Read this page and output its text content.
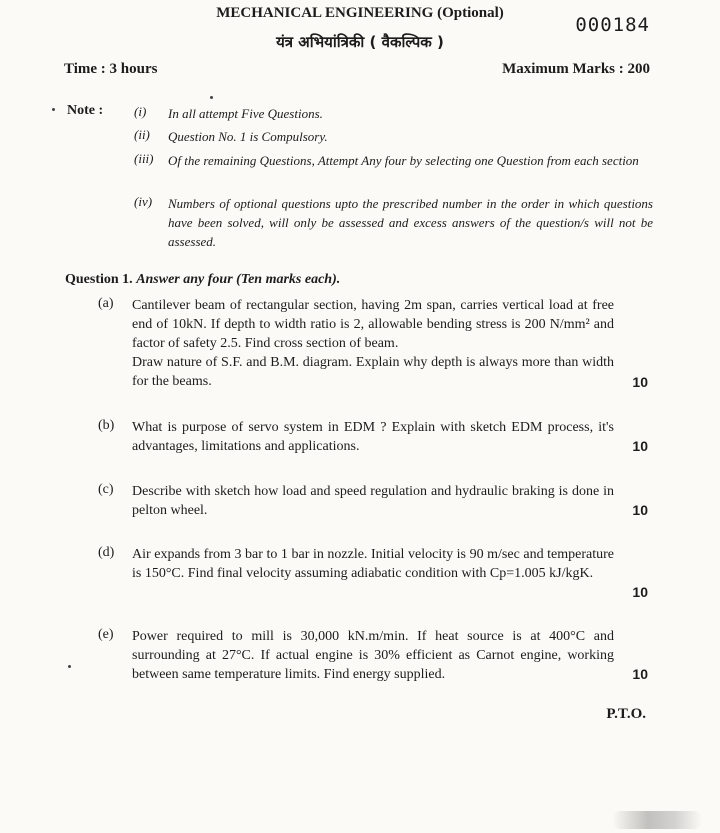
MECHANICAL ENGINEERING (Optional)
यंत्र अभियांत्रिकी ( वैकल्पिक )
000184
Time : 3 hours	Maximum Marks : 200
Note : (i) In all attempt Five Questions.
(ii) Question No. 1 is Compulsory.
(iii) Of the remaining Questions, Attempt Any four by selecting one Question from each section
(iv) Numbers of optional questions upto the prescribed number in the order in which questions have been solved, will only be assessed and excess answers of the question/s will not be assessed.
Question 1. Answer any four (Ten marks each).
(a) Cantilever beam of rectangular section, having 2m span, carries vertical load at free end of 10kN. If depth to width ratio is 2, allowable bending stress is 200 N/mm² and factor of safety 2.5. Find cross section of beam.
Draw nature of S.F. and B.M. diagram. Explain why depth is always more than width for the beams.	10
(b) What is purpose of servo system in EDM ? Explain with sketch EDM process, it's advantages, limitations and applications.	10
(c) Describe with sketch how load and speed regulation and hydraulic braking is done in pelton wheel.	10
(d) Air expands from 3 bar to 1 bar in nozzle. Initial velocity is 90 m/sec and temperature is 150°C. Find final velocity assuming adiabatic condition with Cp=1.005 kJ/kgK.
10
(e) Power required to mill is 30,000 kN.m/min. If heat source is at 400°C and surrounding at 27°C. If actual engine is 30% efficient as Carnot engine, working between same temperature limits. Find energy supplied.	10
P.T.O.
